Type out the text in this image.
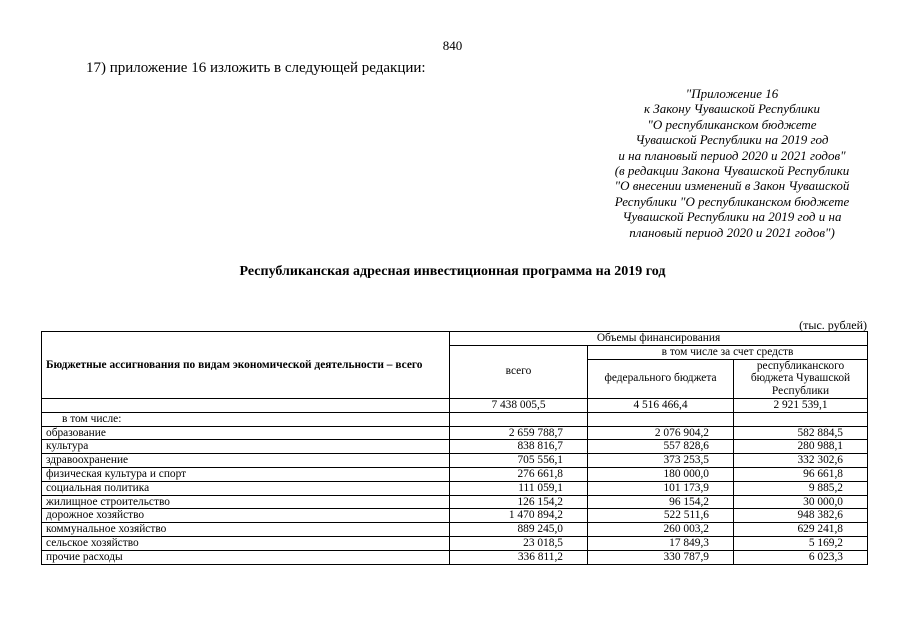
840
17) приложение 16 изложить в следующей редакции:
"Приложение 16
к Закону Чувашской Республики
"О республиканском бюджете
Чувашской Республики на 2019 год
и на плановый период 2020 и 2021 годов"
(в редакции Закона Чувашской Республики
"О внесении изменений в Закон Чувашской
Республики "О республиканском бюджете
Чувашской Республики на 2019 год и на
плановый период 2020 и 2021 годов")
Республиканская адресная инвестиционная программа на 2019 год
(тыс. рублей)
Бюджетные ассигнования по видам экономической деятельности – всего	Объемы финансирования		
	всего	в том числе за счет средств	
		федерального бюджета	республиканского бюджета Чувашской Республики
	7 438 005,5	4 516 466,4	2 921 539,1
в том числе:			
образование	2 659 788,7	2 076 904,2	582 884,5
культура	838 816,7	557 828,6	280 988,1
здравоохранение	705 556,1	373 253,5	332 302,6
физическая культура и спорт	276 661,8	180 000,0	96 661,8
социальная политика	111 059,1	101 173,9	9 885,2
жилищное строительство	126 154,2	96 154,2	30 000,0
дорожное хозяйство	1 470 894,2	522 511,6	948 382,6
коммунальное хозяйство	889 245,0	260 003,2	629 241,8
сельское хозяйство	23 018,5	17 849,3	5 169,2
прочие расходы	336 811,2	330 787,9	6 023,3
